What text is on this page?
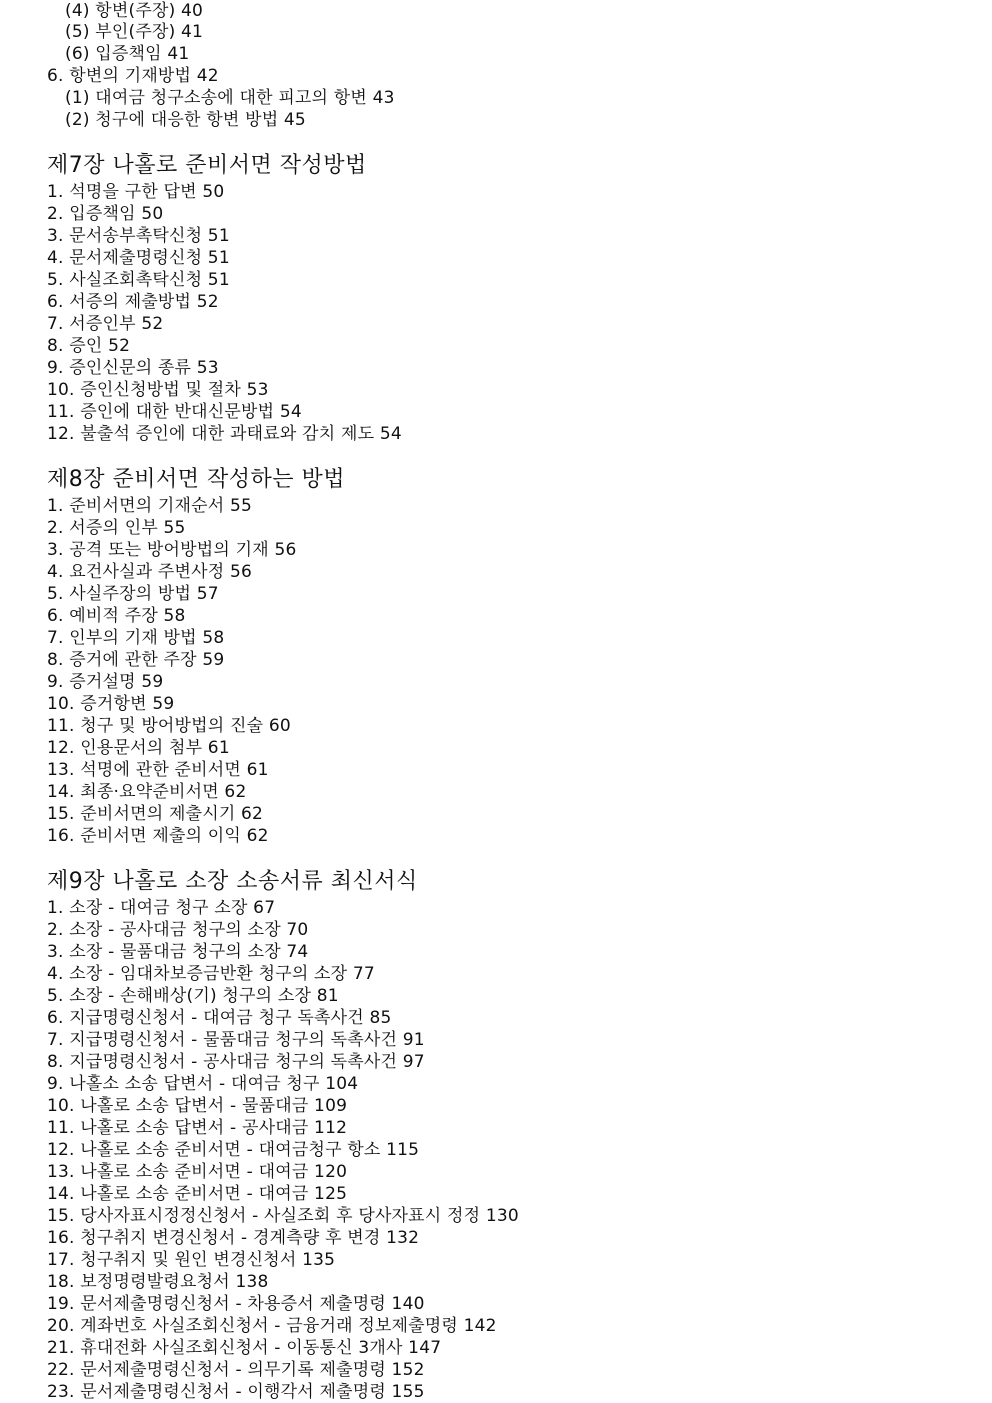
(4) 항변(주장) 40
(5) 부인(주장) 41
(6) 입증책임 41
6. 항변의 기재방법 42
(1) 대여금 청구소송에 대한 피고의 항변 43
(2) 청구에 대응한 항변 방법 45
제7장 나홀로 준비서면 작성방법
1. 석명을 구한 답변 50
2. 입증책임 50
3. 문서송부촉탁신청 51
4. 문서제출명령신청 51
5. 사실조회촉탁신청 51
6. 서증의 제출방법 52
7. 서증인부 52
8. 증인 52
9. 증인신문의 종류 53
10. 증인신청방법 및 절차 53
11. 증인에 대한 반대신문방법 54
12. 불출석 증인에 대한 과태료와 감치 제도 54
제8장 준비서면 작성하는 방법
1. 준비서면의 기재순서 55
2. 서증의 인부 55
3. 공격 또는 방어방법의 기재 56
4. 요건사실과 주변사정 56
5. 사실주장의 방법 57
6. 예비적 주장 58
7. 인부의 기재 방법 58
8. 증거에 관한 주장 59
9. 증거설명 59
10. 증거항변 59
11. 청구 및 방어방법의 진술 60
12. 인용문서의 첨부 61
13. 석명에 관한 준비서면 61
14. 최종·요약준비서면 62
15. 준비서면의 제출시기 62
16. 준비서면 제출의 이익 62
제9장 나홀로 소장 소송서류 최신서식
1. 소장 - 대여금 청구 소장 67
2. 소장 - 공사대금 청구의 소장 70
3. 소장 - 물품대금 청구의 소장 74
4. 소장 - 임대차보증금반환 청구의 소장 77
5. 소장 - 손해배상(기) 청구의 소장 81
6. 지급명령신청서 - 대여금 청구 독촉사건 85
7. 지급명령신청서 - 물품대금 청구의 독촉사건 91
8. 지급명령신청서 - 공사대금 청구의 독촉사건 97
9. 나홀소 소송 답변서 - 대여금 청구 104
10. 나홀로 소송 답변서 - 물품대금 109
11. 나홀로 소송 답변서 - 공사대금 112
12. 나홀로 소송 준비서면 - 대여금청구 항소 115
13. 나홀로 소송 준비서면 - 대여금 120
14. 나홀로 소송 준비서면 - 대여금 125
15. 당사자표시정정신청서 - 사실조회 후 당사자표시 정정 130
16. 청구취지 변경신청서 - 경계측량 후 변경 132
17. 청구취지 및 원인 변경신청서 135
18. 보정명령발령요청서 138
19. 문서제출명령신청서 - 차용증서 제출명령 140
20. 계좌번호 사실조회신청서 - 금융거래 정보제출명령 142
21. 휴대전화 사실조회신청서 - 이동통신 3개사 147
22. 문서제출명령신청서 - 의무기록 제출명령 152
23. 문서제출명령신청서 - 이행각서 제출명령 155
